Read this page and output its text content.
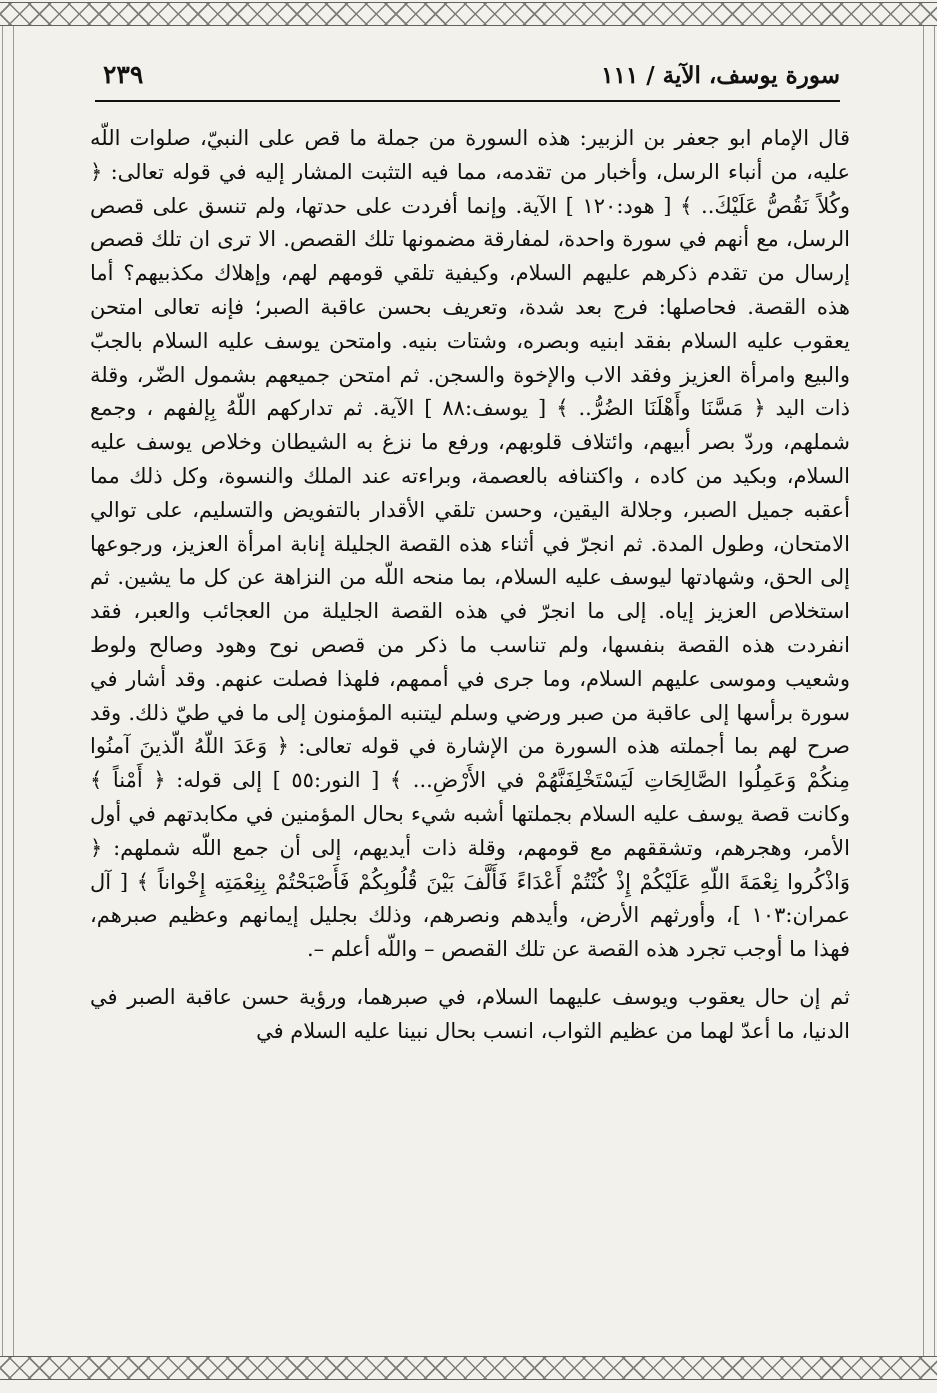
سورة يوسف، الآية / ١١١
٢٣٩

قال الإمام ابو جعفر بن الزبير: هذه السورة من جملة ما قص على النبيّ، صلوات اللّه عليه، من أنباء الرسل، وأخبار من تقدمه، مما فيه التثبت المشار إليه في قوله تعالى: ﴿ وكُلاً نَقُصُّ عَلَيْكَ.. ﴾ [ هود:١٢٠ ] الآية. وإنما أفردت على حدتها، ولم تنسق على قصص الرسل، مع أنهم في سورة واحدة، لمفارقة مضمونها تلك القصص. الا ترى ان تلك قصص إرسال من تقدم ذكرهم عليهم السلام، وكيفية تلقي قومهم لهم، وإهلاك مكذبيهم؟ أما هذه القصة. فحاصلها: فرج بعد شدة، وتعريف بحسن عاقبة الصبر؛ فإنه تعالى امتحن يعقوب عليه السلام بفقد ابنيه وبصره، وشتات بنيه. وامتحن يوسف عليه السلام بالجبّ والبيع وامرأة العزيز وفقد الاب والإخوة والسجن. ثم امتحن جميعهم بشمول الضّر، وقلة ذات اليد ﴿ مَسَّنَا وأَهْلَنَا الضُرُّ.. ﴾ [ يوسف:٨٨ ] الآية. ثم تداركهم اللّهُ بِإلفهم ، وجمع شملهم، وردّ بصر أبيهم، وائتلاف قلوبهم، ورفع ما نزغ به الشيطان وخلاص يوسف عليه السلام، وبكيد من كاده ، واكتنافه بالعصمة، وبراءته عند الملك والنسوة، وكل ذلك مما أعقبه جميل الصبر، وجلالة اليقين، وحسن تلقي الأقدار بالتفويض والتسليم، على توالي الامتحان، وطول المدة. ثم انجرّ في أثناء هذه القصة الجليلة إنابة امرأة العزيز، ورجوعها إلى الحق، وشهادتها ليوسف عليه السلام، بما منحه اللّه من النزاهة عن كل ما يشين. ثم استخلاص العزيز إياه. إلى ما انجرّ في هذه القصة الجليلة من العجائب والعبر، فقد انفردت هذه القصة بنفسها، ولم تناسب ما ذكر من قصص نوح وهود وصالح ولوط وشعيب وموسى عليهم السلام، وما جرى في أممهم، فلهذا فصلت عنهم. وقد أشار في سورة برأسها إلى عاقبة من صبر ورضي وسلم ليتنبه المؤمنون إلى ما في طيّ ذلك. وقد صرح لهم بما أجملته هذه السورة من الإشارة في قوله تعالى: ﴿ وَعَدَ اللّهُ الّذينَ آمنُوا مِنكُمْ وَعَمِلُوا الصَّالِحَاتِ لَيَسْتَخْلِفَنَّهُمْ في الأَرْضِ... ﴾ [ النور:٥٥ ] إلى قوله: ﴿ أَمْناً ﴾ وكانت قصة يوسف عليه السلام بجملتها أشبه شيء بحال المؤمنين في مكابدتهم في أول الأمر، وهجرهم، وتشققهم مع قومهم، وقلة ذات أيديهم، إلى أن جمع اللّه شملهم: ﴿ وَاذْكُروا نِعْمَةَ اللّهِ عَلَيْكُمْ إِذْ كُنْتُمْ أَعْدَاءً فَأَلَّفَ بَيْنَ قُلُوبِكُمْ فَأَصْبَحْتُمْ بِنِعْمَتِه إِخْواناً ﴾ [ آل عمران:١٠٣ ]، وأورثهم الأرض، وأيدهم ونصرهم، وذلك بجليل إيمانهم وعظيم صبرهم، فهذا ما أوجب تجرد هذه القصة عن تلك القصص – واللّه أعلم –.

ثم إن حال يعقوب ويوسف عليهما السلام، في صبرهما، ورؤية حسن عاقبة الصبر في الدنيا، ما أعدّ لهما من عظيم الثواب، انسب بحال نبينا عليه السلام في
